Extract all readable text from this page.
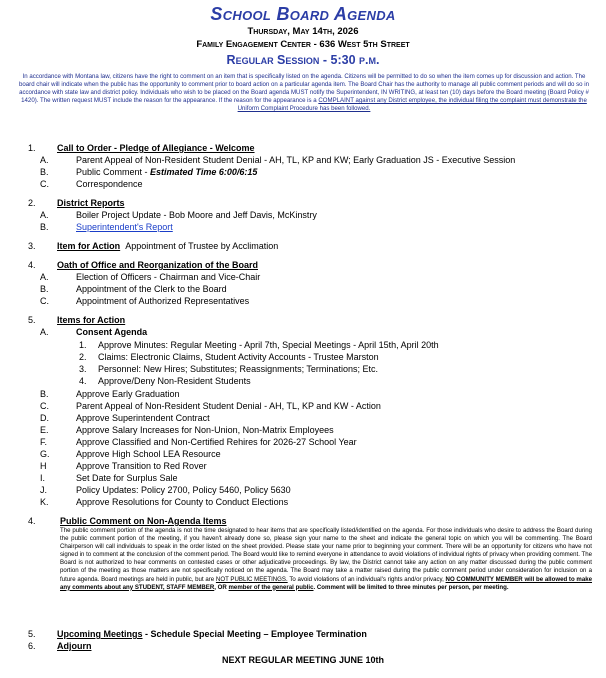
School Board Agenda
Thursday, May 14th, 2026
Family Engagement Center - 636 West 5th Street
Regular Session - 5:30 p.m.
In accordance with Montana law, citizens have the right to comment on an item that is specifically listed on the agenda. Citizens will be permitted to do so when the item comes up for discussion and action. The board chair will indicate when the public has the opportunity to comment prior to board action on a particular agenda item. The Board Chair has the authority to manage all public comment periods and will do so in accordance with state law and district policy. Individuals who wish to be placed on the Board agenda MUST notify the Superintendent, IN WRITING, at least ten (10) days before the Board meeting (Board Policy # 1420). The written request MUST include the reason for the appearance. If the reason for the appearance is a COMPLAINT against any District employee, the individual filing the complaint must demonstrate the Uniform Complaint Procedure has been followed.
1. Call to Order - Pledge of Allegiance - Welcome
A.	Parent Appeal of Non-Resident Student Denial - AH, TL, KP and KW; Early Graduation JS - Executive Session
B.	Public Comment - Estimated Time 6:00/6:15
C.	Correspondence
2. District Reports
A.	Boiler Project Update - Bob Moore and Jeff Davis, McKinstry
B.	Superintendent's Report
3. Item for Action Appointment of Trustee by Acclimation
4. Oath of Office and Reorganization of the Board
A.	Election of Officers - Chairman and Vice-Chair
B.	Appointment of the Clerk to the Board
C.	Appointment of Authorized Representatives
5. Items for Action
A.	Consent Agenda
1. Approve Minutes: Regular Meeting - April 7th, Special Meetings - April 15th, April 20th
2. Claims: Electronic Claims, Student Activity Accounts - Trustee Marston
3. Personnel: New Hires; Substitutes; Reassignments; Terminations; Etc.
4. Approve/Deny Non-Resident Students
B.	Approve Early Graduation
C.	Parent Appeal of Non-Resident Student Denial - AH, TL, KP and KW - Action
D.	Approve Superintendent Contract
E.	Approve Salary Increases for Non-Union, Non-Matrix Employees
F.	Approve Classified and Non-Certified Rehires for 2026-27 School Year
G.	Approve High School LEA Resource
H	Approve Transition to Red Rover
I.	Set Date for Surplus Sale
J.	Policy Updates: Policy 2700, Policy 5460, Policy 5630
K.	Approve Resolutions for County to Conduct Elections
4.	Public Comment on Non-Agenda Items
The public comment portion of the agenda is not the time designated to hear items that are specifically listed/identified on the agenda. For those individuals who desire to address the Board during the public comment portion of the meeting, if you haven't already done so, please sign your name to the sheet and indicate the general topic on which you will be commenting. The Board Chairperson will call individuals to speak in the order listed on the sheet provided. Please state your name prior to beginning your comment. There will be an opportunity for citizens who have not signed in to comment at the conclusion of the comment period. The Board would like to remind everyone in attendance to avoid violations of individual rights of privacy when providing comment. The Board is not authorized to hear comments on contested cases or other adjudicative proceedings. By law, the District cannot take any action on any matter discussed during the public comment portion of the meeting as those matters are not specifically noticed on the agenda. The Board may take a matter raised during the public comment period under consideration for inclusion on a future agenda. Board meetings are held in public, but are NOT PUBLIC MEETINGS. To avoid violations of an individual's rights and/or privacy, NO COMMUNITY MEMBER will be allowed to make any comments about any STUDENT, STAFF MEMBER, OR member of the general public. Comment will be limited to three minutes per person, per meeting.
5. Upcoming Meetings - Schedule Special Meeting – Employee Termination
6. Adjourn
NEXT REGULAR MEETING JUNE 10th
